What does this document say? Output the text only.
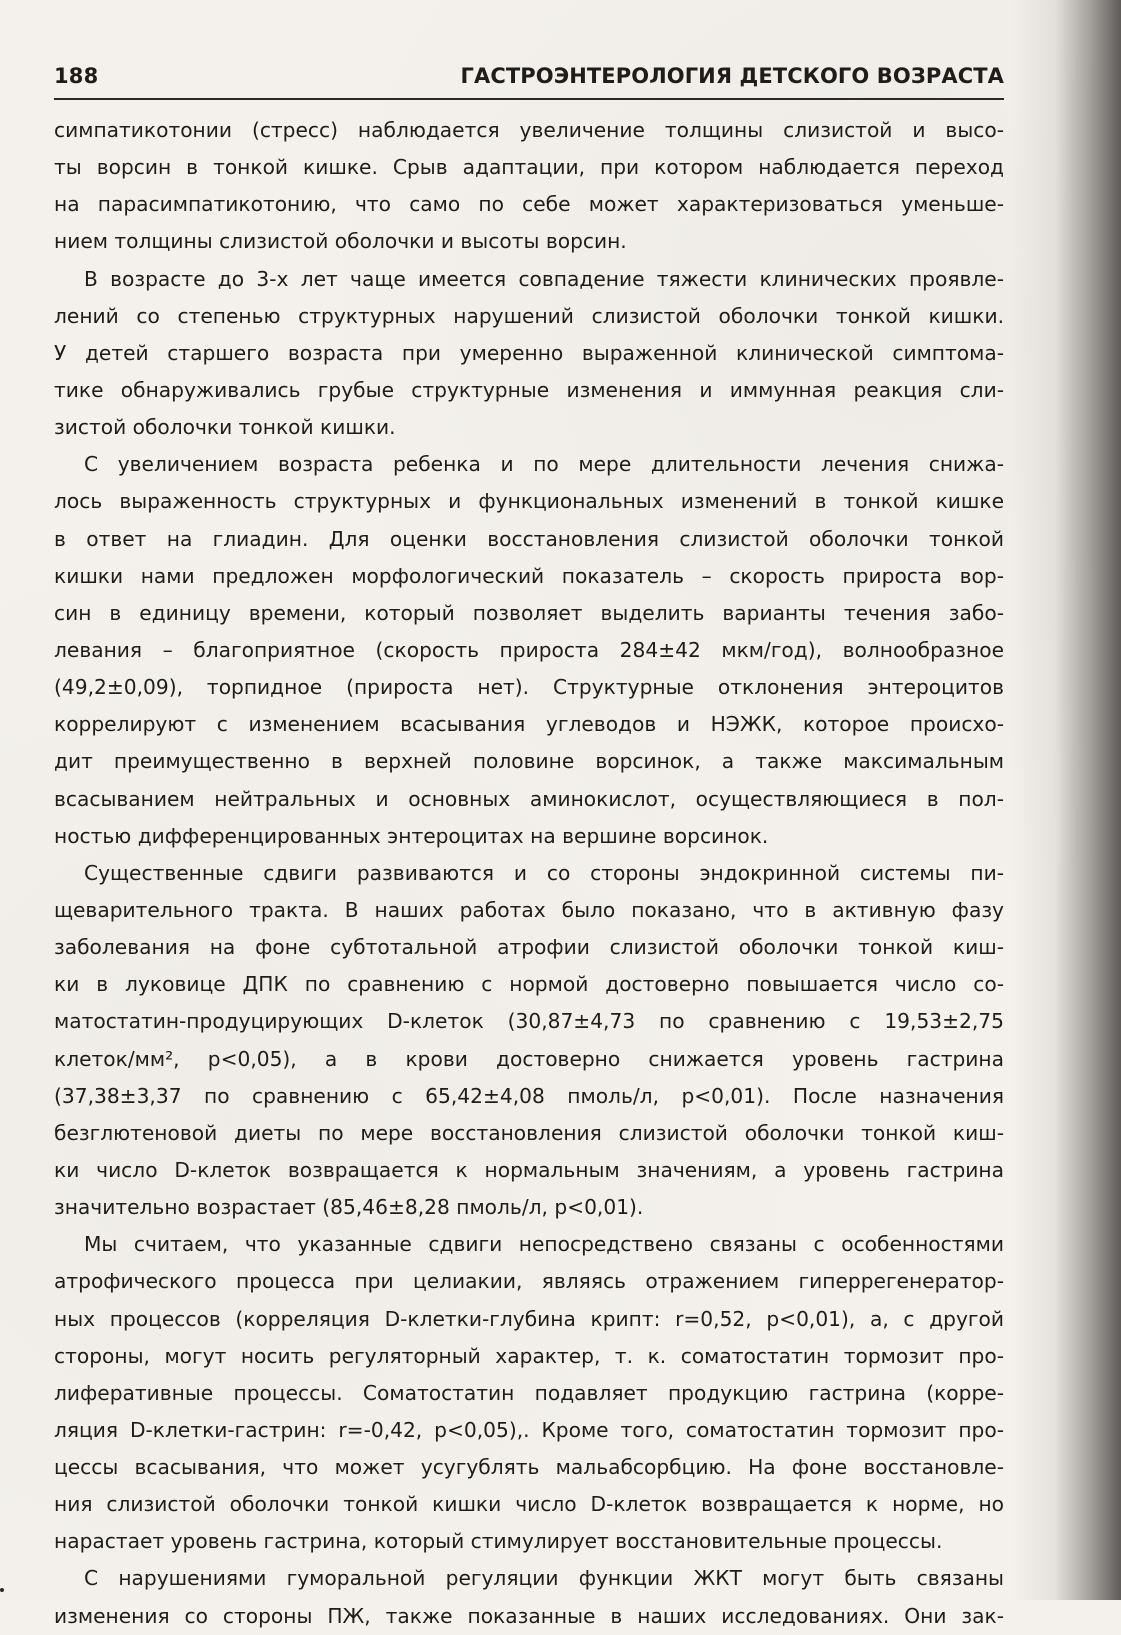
188	ГАСТРОЭНТЕРОЛОГИЯ ДЕТСКОГО ВОЗРАСТА
симпатикотонии (стресс) наблюдается увеличение толщины слизистой и высо-
ты ворсин в тонкой кишке. Срыв адаптации, при котором наблюдается переход
на парасимпатикотонию, что само по себе может характеризоваться уменьше-
нием толщины слизистой оболочки и высоты ворсин.
В возрасте до 3-х лет чаще имеется совпадение тяжести клинических проявле-
лений со степенью структурных нарушений слизистой оболочки тонкой кишки.
У детей старшего возраста при умеренно выраженной клинической симптома-
тике обнаруживались грубые структурные изменения и иммунная реакция сли-
зистой оболочки тонкой кишки.
С увеличением возраста ребенка и по мере длительности лечения снижа-
лось выраженность структурных и функциональных изменений в тонкой кишке
в ответ на глиадин. Для оценки восстановления слизистой оболочки тонкой
кишки нами предложен морфологический показатель – скорость прироста вор-
син в единицу времени, который позволяет выделить варианты течения забо-
левания – благоприятное (скорость прироста 284±42 мкм/год), волнообразное
(49,2±0,09), торпидное (прироста нет). Структурные отклонения энтероцитов
коррелируют с изменением всасывания углеводов и НЭЖК, которое происхо-
дит преимущественно в верхней половине ворсинок, а также максимальным
всасыванием нейтральных и основных аминокислот, осуществляющиеся в пол-
ностью дифференцированных энтероцитах на вершине ворсинок.
Существенные сдвиги развиваются и со стороны эндокринной системы пи-
щеварительного тракта. В наших работах было показано, что в активную фазу
заболевания на фоне субтотальной атрофии слизистой оболочки тонкой киш-
ки в луковице ДПК по сравнению с нормой достоверно повышается число со-
матостатин-продуцирующих D-клеток (30,87±4,73 по сравнению с 19,53±2,75
клеток/мм², p<0,05), а в крови достоверно снижается уровень гастрина
(37,38±3,37 по сравнению с 65,42±4,08 пмоль/л, p<0,01). После назначения
безглютеновой диеты по мере восстановления слизистой оболочки тонкой киш-
ки число D-клеток возвращается к нормальным значениям, а уровень гастрина
значительно возрастает (85,46±8,28 пмоль/л, p<0,01).
Мы считаем, что указанные сдвиги непосредствено связаны с особенностями
атрофического процесса при целиакии, являясь отражением гиперрегенератор-
ных процессов (корреляция D-клетки-глубина крипт: r=0,52, p<0,01), а, с другой
стороны, могут носить регуляторный характер, т. к. соматостатин тормозит про-
лиферативные процессы. Соматостатин подавляет продукцию гастрина (корре-
ляция D-клетки-гастрин: r=-0,42, p<0,05),. Кроме того, соматостатин тормозит про-
цессы всасывания, что может усугублять мальабсорбцию. На фоне восстановле-
ния слизистой оболочки тонкой кишки число D-клеток возвращается к норме, но
нарастает уровень гастрина, который стимулирует восстановительные процессы.
С нарушениями гуморальной регуляции функции ЖКТ могут быть связаны
изменения со стороны ПЖ, также показанные в наших исследованиях. Они зак-
